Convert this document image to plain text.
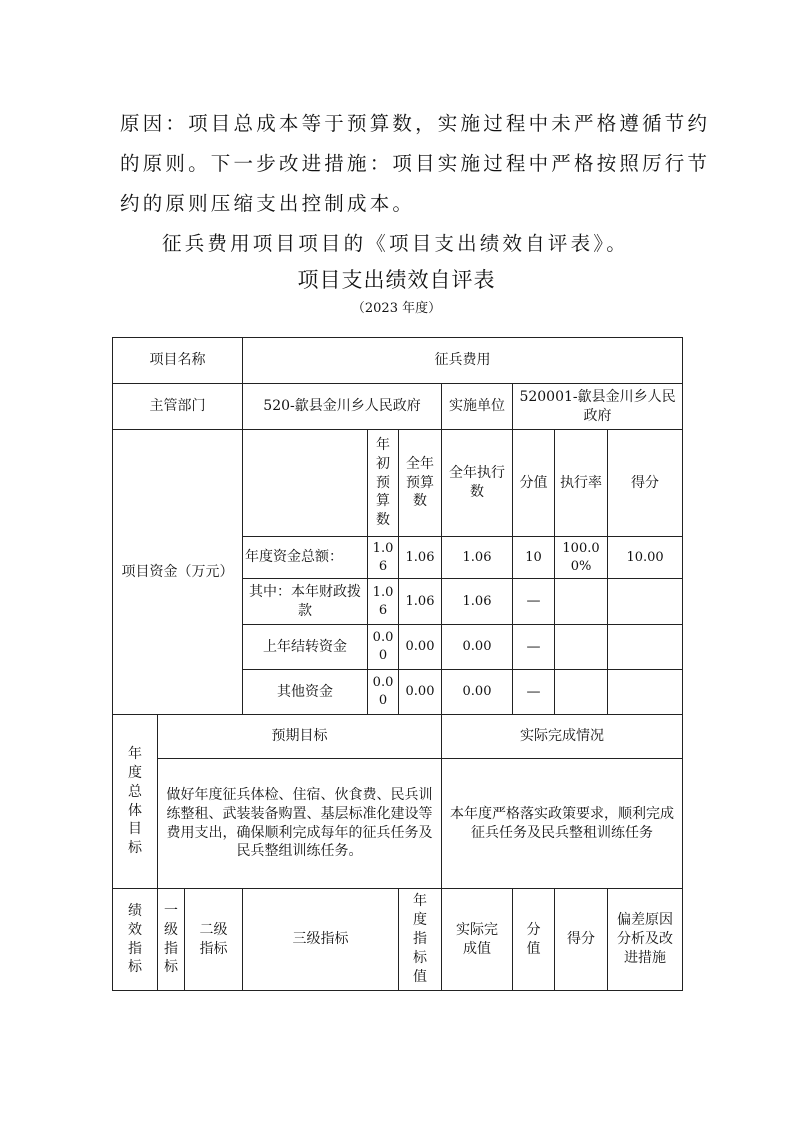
原因：项目总成本等于预算数，实施过程中未严格遵循节约
的原则。下一步改进措施：项目实施过程中严格按照厉行节
约的原则压缩支出控制成本。
征兵费用项目项目的《项目支出绩效自评表》。
项目支出绩效自评表
（2023 年度）
项目名称			征兵费用						
主管部门			520-歙县金川乡人民政府			实施单位	520001-歙县金川乡人民政府		
项目资金（万元）				年初预算数	全年预算数	全年执行数	分值	执行率	得分
			年度资金总额：	1.06	1.06	1.06	10	100.00%	10.00
			其中：本年财政拨款	1.06	1.06	1.06	—		
			上年结转资金	0.00	0.00	0.00	—		
			其他资金	0.00	0.00	0.00	—		
年度总体目标	预期目标					实际完成情况			
	做好年度征兵体检、住宿、伙食费、民兵训练整租、武装装备购置、基层标准化建设等费用支出，确保顺利完成每年的征兵任务及民兵整组训练任务。					本年度严格落实政策要求，顺利完成征兵任务及民兵整租训练任务			
绩效指标	一级指标	二级指标	三级指标		年度指标值	实际完成值	分值	得分	偏差原因分析及改进措施
